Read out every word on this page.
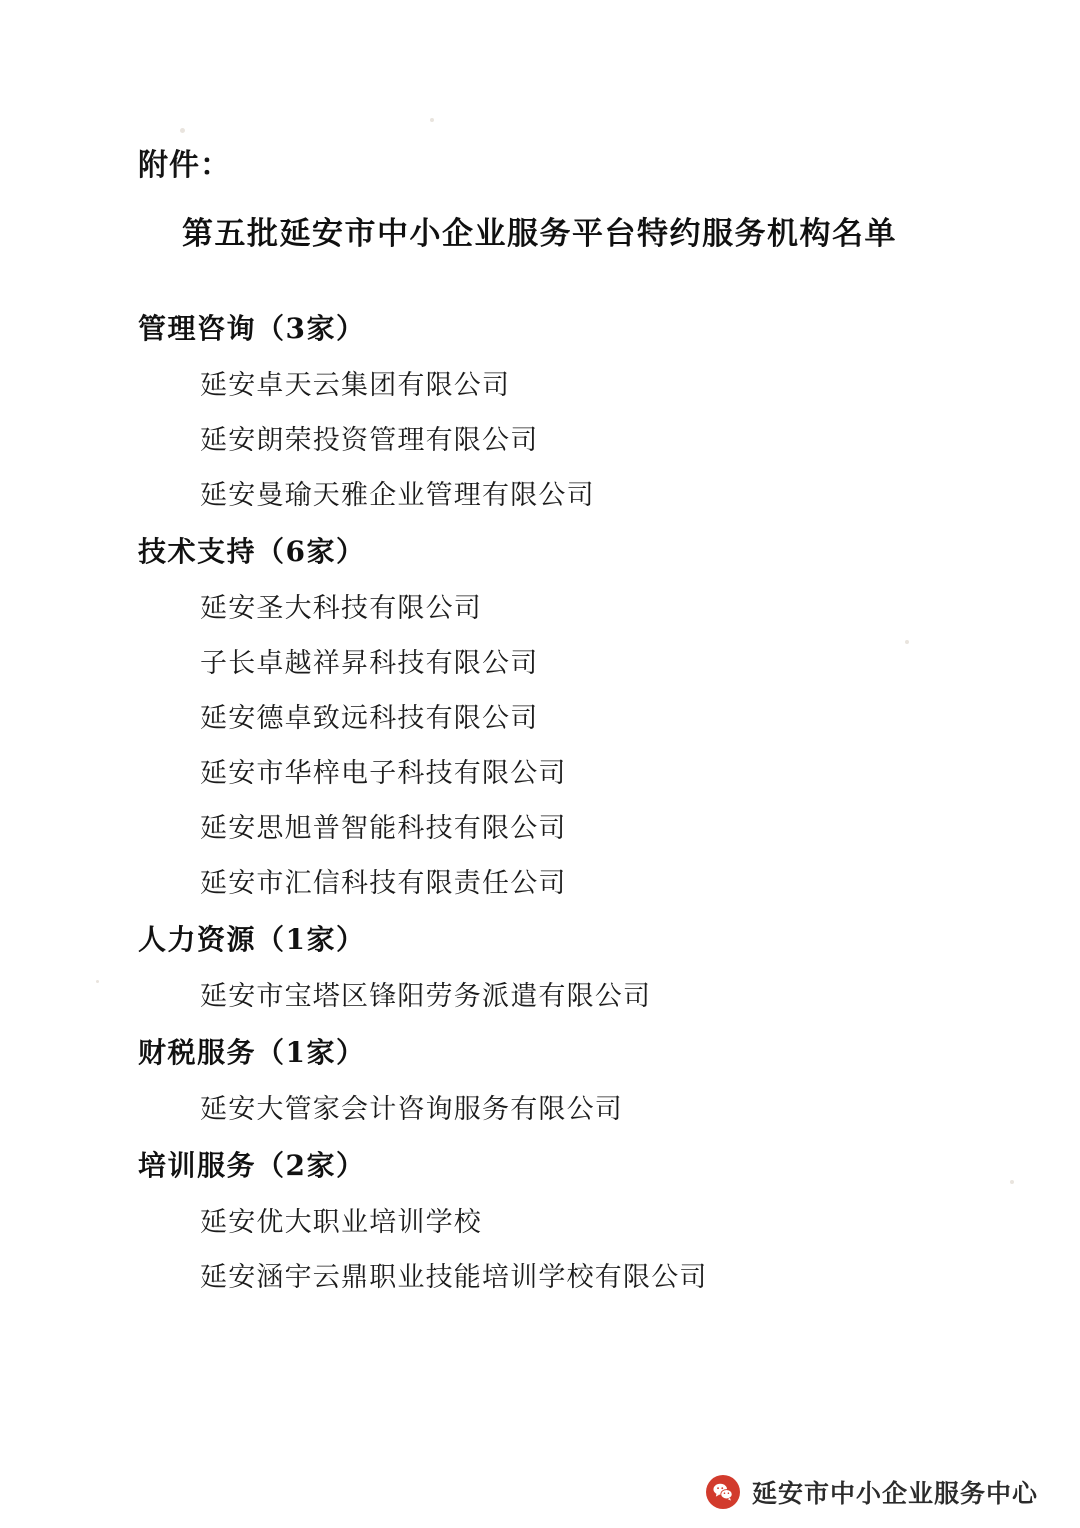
附件：
第五批延安市中小企业服务平台特约服务机构名单
管理咨询（3家）
延安卓天云集团有限公司
延安朗荣投资管理有限公司
延安曼瑜天雅企业管理有限公司
技术支持（6家）
延安圣大科技有限公司
子长卓越祥昇科技有限公司
延安德卓致远科技有限公司
延安市华梓电子科技有限公司
延安思旭普智能科技有限公司
延安市汇信科技有限责任公司
人力资源（1家）
延安市宝塔区锋阳劳务派遣有限公司
财税服务（1家）
延安大管家会计咨询服务有限公司
培训服务（2家）
延安优大职业培训学校
延安涵宇云鼎职业技能培训学校有限公司
延安市中小企业服务中心
